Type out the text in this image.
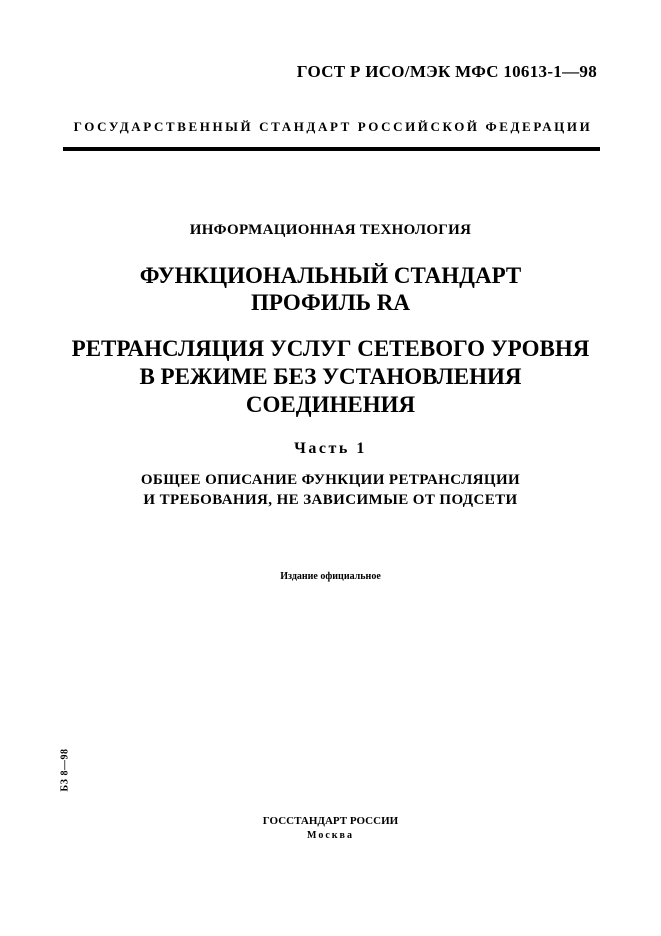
ГОСТ Р ИСО/МЭК МФС 10613-1—98
ГОСУДАРСТВЕННЫЙ СТАНДАРТ РОССИЙСКОЙ ФЕДЕРАЦИИ
ИНФОРМАЦИОННАЯ ТЕХНОЛОГИЯ
ФУНКЦИОНАЛЬНЫЙ СТАНДАРТ
ПРОФИЛЬ RA
РЕТРАНСЛЯЦИЯ УСЛУГ СЕТЕВОГО УРОВНЯ
В РЕЖИМЕ БЕЗ УСТАНОВЛЕНИЯ
СОЕДИНЕНИЯ
Часть 1
ОБЩЕЕ ОПИСАНИЕ ФУНКЦИИ РЕТРАНСЛЯЦИИ
И ТРЕБОВАНИЯ, НЕ ЗАВИСИМЫЕ ОТ ПОДСЕТИ
Издание официальное
БЗ 8—98
ГОССТАНДАРТ РОССИИ
Москва
